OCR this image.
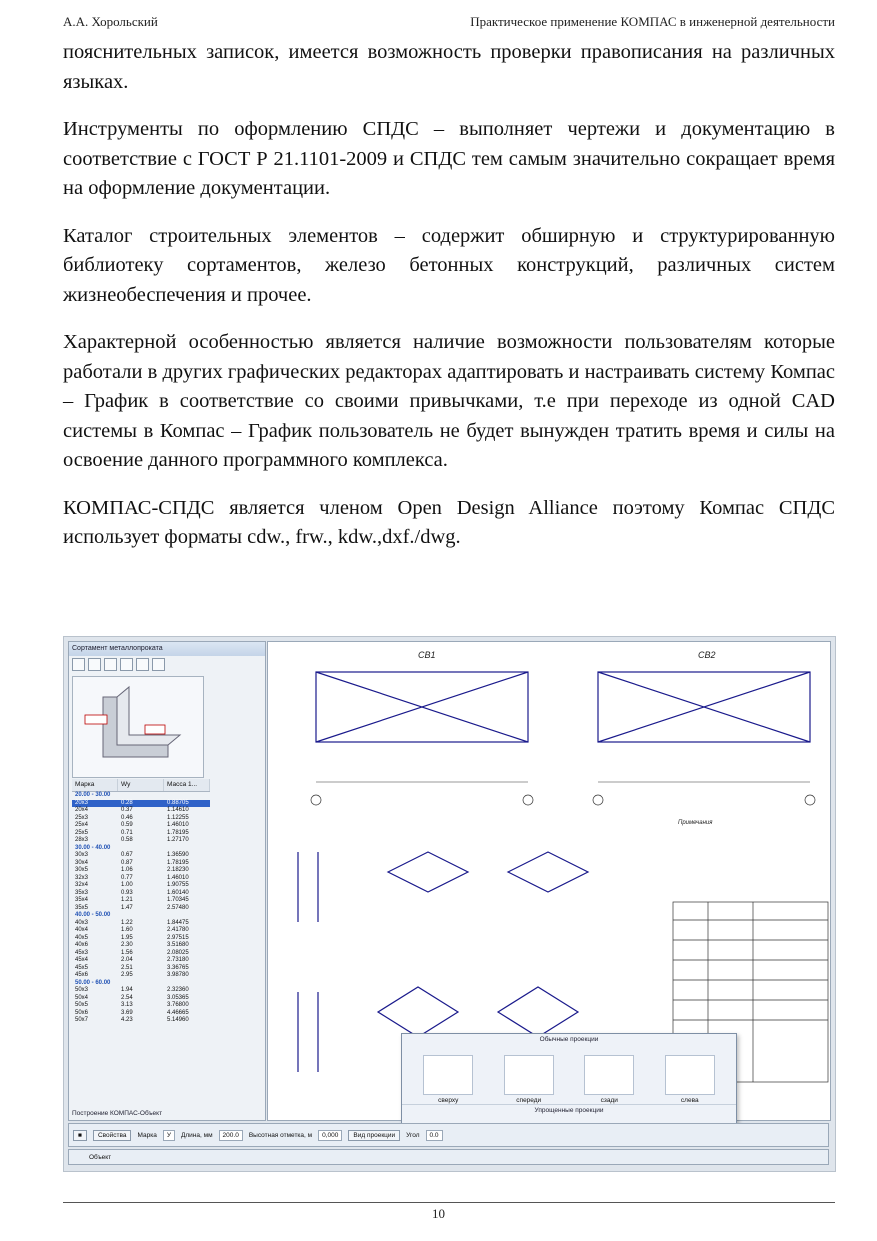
А.А. Хорольский	Практическое применение КОМПАС в инженерной деятельности

пояснительных записок, имеется возможность проверки правописания на различных языках.

Инструменты по оформлению СПДС – выполняет чертежи и документацию в соответствие с ГОСТ Р 21.1101-2009 и СПДС тем самым значительно сокращает время на оформление документации.

Каталог строительных элементов – содержит обширную и структурированную библиотеку сортаментов, железо бетонных конструкций, различных систем жизнеобеспечения и прочее.

Характерной особенностью является наличие возможности пользователям которые работали в других графических редакторах адаптировать и настраивать систему Компас – График в соответствие со своими привычками, т.е при переходе из одной CAD системы в Компас – График пользователь не будет вынужден тратить время и силы на освоение данного программного комплекса.

КОМПАС-СПДС является членом Open Design Alliance поэтому Компас СПДС использует форматы cdw., frw., kdw.,dxf./dwg.

Сортамент металлопроката
Марка	Wy	Масса 1...
20.00 - 30.00
20x3	0.28	0.88705
20x4	0.37	1.14610
25x3	0.46	1.12255
25x4	0.59	1.46010
25x5	0.71	1.78195
28x3	0.58	1.27170
30.00 - 40.00
30x3	0.67	1.36590
30x4	0.87	1.78195
30x5	1.06	2.18230
32x3	0.77	1.46010
32x4	1.00	1.90755
35x3	0.93	1.60140
35x4	1.21	1.70345
35x5	1.47	2.57480
40.00 - 50.00
40x3	1.22	1.84475
40x4	1.60	2.41780
40x5	1.95	2.97515
40x6	2.30	3.51680
45x3	1.56	2.08025
45x4	2.04	2.73180
45x5	2.51	3.36765
45x6	2.95	3.98780
50.00 - 60.00
50x3	1.94	2.32360
50x4	2.54	3.05365
50x5	3.13	3.76800
50x6	3.69	4.46665
50x7	4.23	5.14960
Построение КОМПАС-Объект
СВ1	СВ2
Примечания
Обычные проекции
сверху	спереди	сзади	слева
Упрощенные проекции
■	Свойства	Марка	У	Длина, мм	200.0	Высотная отметка, м	0,000	Вид проекции	Угол	0.0
Объект
10
